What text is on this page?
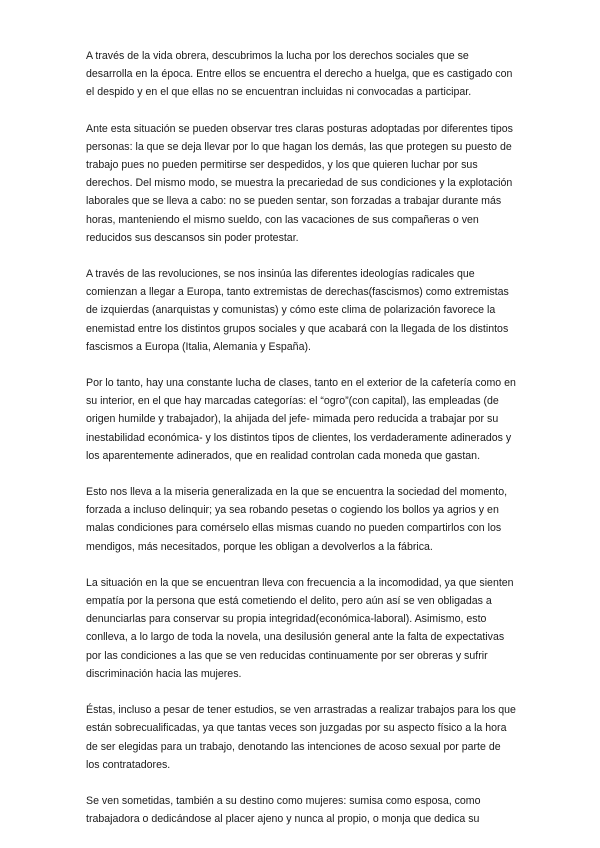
A través de la vida obrera, descubrimos la lucha por los derechos sociales que se desarrolla en la época. Entre ellos se encuentra el derecho a huelga, que es castigado con el despido y en el que ellas no se encuentran incluidas ni convocadas a participar.

Ante esta situación se pueden observar tres claras posturas adoptadas por diferentes tipos personas: la que se deja llevar por lo que hagan los demás, las que protegen su puesto de trabajo pues no pueden permitirse ser despedidos, y los que quieren luchar por sus derechos. Del mismo modo, se muestra la precariedad de sus condiciones y la explotación laborales que se lleva a cabo: no se pueden sentar, son forzadas a trabajar durante más horas, manteniendo el mismo sueldo, con las vacaciones de sus compañeras o ven reducidos sus descansos sin poder protestar.

A través de las revoluciones, se nos insinúa las diferentes ideologías radicales que comienzan a llegar a Europa, tanto extremistas de derechas(fascismos) como extremistas de izquierdas (anarquistas y comunistas) y cómo este clima de polarización favorece la enemistad entre los distintos grupos sociales y que acabará con la llegada de los distintos fascismos a Europa (Italia, Alemania y España).

Por lo tanto, hay una constante lucha de clases, tanto en el exterior de la cafetería como en su interior, en el que hay marcadas categorías: el “ogro”(con capital), las empleadas (de origen humilde y trabajador), la ahijada del jefe- mimada pero reducida a trabajar por su inestabilidad económica- y los distintos tipos de clientes, los verdaderamente adinerados y los aparentemente adinerados, que en realidad controlan cada moneda que gastan.

Esto nos lleva a la miseria generalizada en la que se encuentra la sociedad del momento, forzada a incluso delinquir; ya sea robando pesetas o cogiendo los bollos ya agrios y en malas condiciones para comérselo ellas mismas cuando no pueden compartirlos con los mendigos, más necesitados, porque les obligan a devolverlos a la fábrica.

La situación en la que se encuentran lleva con frecuencia a la incomodidad, ya que sienten empatía por la persona que está cometiendo el delito, pero aún así se ven obligadas a denunciarlas para conservar su propia integridad(económica-laboral). Asimismo, esto conlleva, a lo largo de toda la novela, una desilusión general ante la falta de expectativas por las condiciones a las que se ven reducidas continuamente por ser obreras y sufrir discriminación hacia las mujeres.

Éstas, incluso a pesar de tener estudios, se ven arrastradas a realizar trabajos para los que están sobrecualificadas, ya que tantas veces son juzgadas por su aspecto físico a la hora de ser elegidas para un trabajo, denotando las intenciones de acoso sexual por parte de los contratadores.

Se ven sometidas, también a su destino como mujeres: sumisa como esposa, como trabajadora o dedicándose al placer ajeno y nunca al propio, o monja que dedica su
